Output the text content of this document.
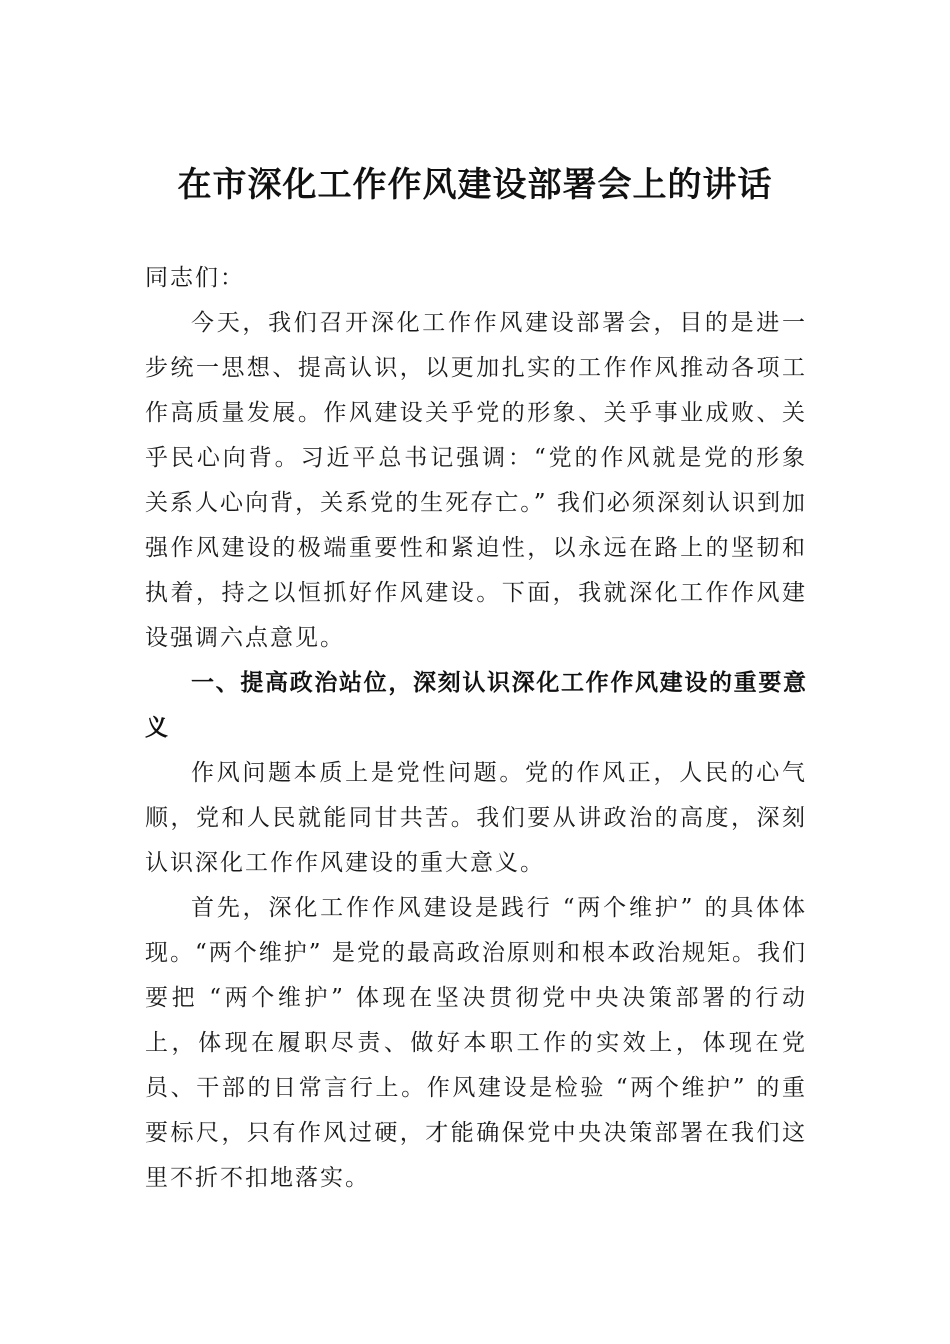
在市深化工作作风建设部署会上的讲话

同志们：

今天，我们召开深化工作作风建设部署会，目的是进一步统一思想、提高认识，以更加扎实的工作作风推动各项工作高质量发展。作风建设关乎党的形象、关乎事业成败、关乎民心向背。习近平总书记强调：“党的作风就是党的形象关系人心向背，关系党的生死存亡。” 我们必须深刻认识到加强作风建设的极端重要性和紧迫性，以永远在路上的坚韧和执着，持之以恒抓好作风建设。下面，我就深化工作作风建设强调六点意见。

一、提高政治站位，深刻认识深化工作作风建设的重要意义

作风问题本质上是党性问题。党的作风正，人民的心气顺，党和人民就能同甘共苦。我们要从讲政治的高度，深刻认识深化工作作风建设的重大意义。

首先，深化工作作风建设是践行 “两个维护” 的具体体现。“两个维护” 是党的最高政治原则和根本政治规矩。我们要把 “两个维护” 体现在坚决贯彻党中央决策部署的行动上，体现在履职尽责、做好本职工作的实效上，体现在党员、干部的日常言行上。作风建设是检验 “两个维护” 的重要标尺，只有作风过硬，才能确保党中央决策部署在我们这里不折不扣地落实。
